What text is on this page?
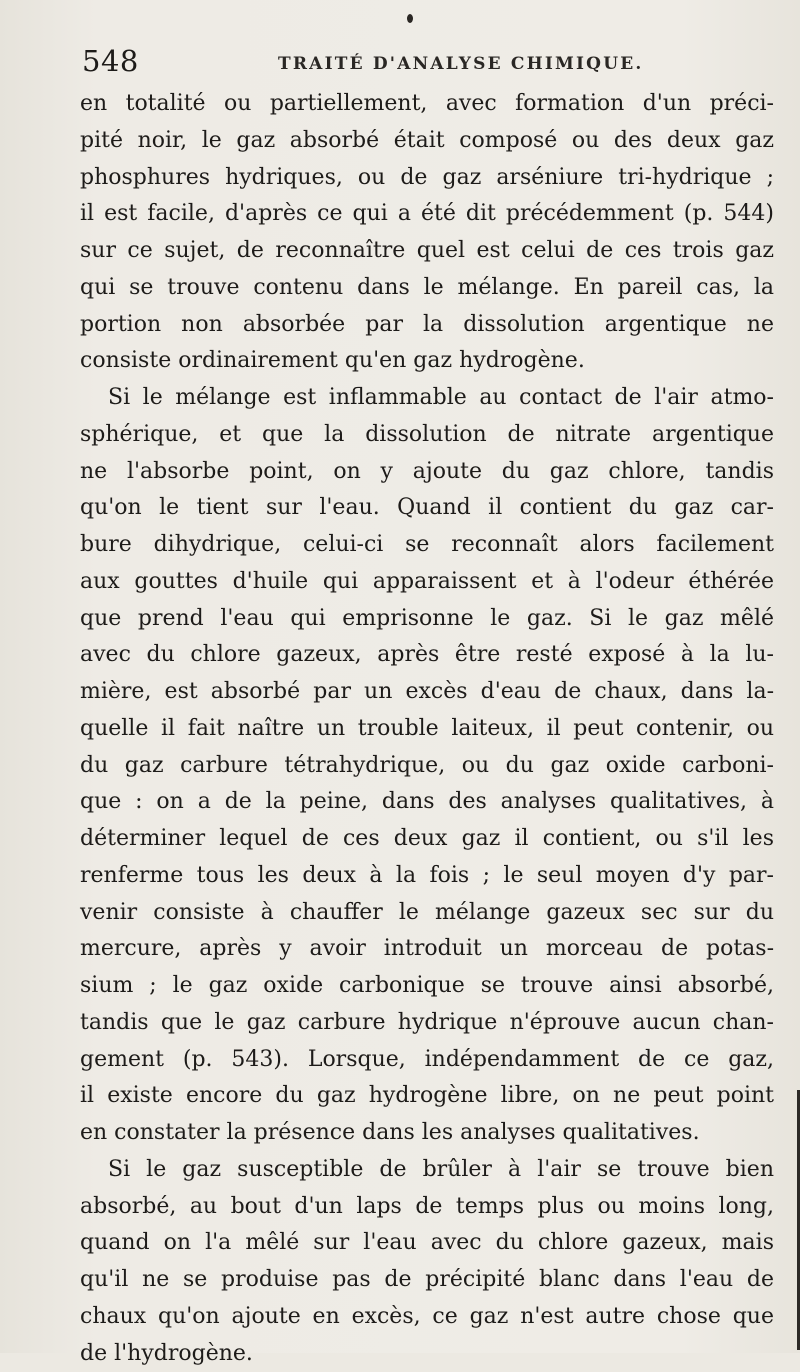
548	TRAITÉ D'ANALYSE CHIMIQUE.
en totalité ou partiellement, avec formation d'un préci-
pité noir, le gaz absorbé était composé ou des deux gaz
phosphures hydriques, ou de gaz arséniure tri-hydrique ;
il est facile, d'après ce qui a été dit précédemment (p. 544)
sur ce sujet, de reconnaître quel est celui de ces trois gaz
qui se trouve contenu dans le mélange. En pareil cas, la
portion non absorbée par la dissolution argentique ne
consiste ordinairement qu'en gaz hydrogène.
Si le mélange est inflammable au contact de l'air atmo-
sphérique, et que la dissolution de nitrate argentique
ne l'absorbe point, on y ajoute du gaz chlore, tandis
qu'on le tient sur l'eau. Quand il contient du gaz car-
bure dihydrique, celui-ci se reconnaît alors facilement
aux gouttes d'huile qui apparaissent et à l'odeur éthérée
que prend l'eau qui emprisonne le gaz. Si le gaz mêlé
avec du chlore gazeux, après être resté exposé à la lu-
mière, est absorbé par un excès d'eau de chaux, dans la-
quelle il fait naître un trouble laiteux, il peut contenir, ou
du gaz carbure tétrahydrique, ou du gaz oxide carboni-
que : on a de la peine, dans des analyses qualitatives, à
déterminer lequel de ces deux gaz il contient, ou s'il les
renferme tous les deux à la fois ; le seul moyen d'y par-
venir consiste à chauffer le mélange gazeux sec sur du
mercure, après y avoir introduit un morceau de potas-
sium ; le gaz oxide carbonique se trouve ainsi absorbé,
tandis que le gaz carbure hydrique n'éprouve aucun chan-
gement (p. 543). Lorsque, indépendamment de ce gaz,
il existe encore du gaz hydrogène libre, on ne peut point
en constater la présence dans les analyses qualitatives.
Si le gaz susceptible de brûler à l'air se trouve bien
absorbé, au bout d'un laps de temps plus ou moins long,
quand on l'a mêlé sur l'eau avec du chlore gazeux, mais
qu'il ne se produise pas de précipité blanc dans l'eau de
chaux qu'on ajoute en excès, ce gaz n'est autre chose que
de l'hydrogène.
